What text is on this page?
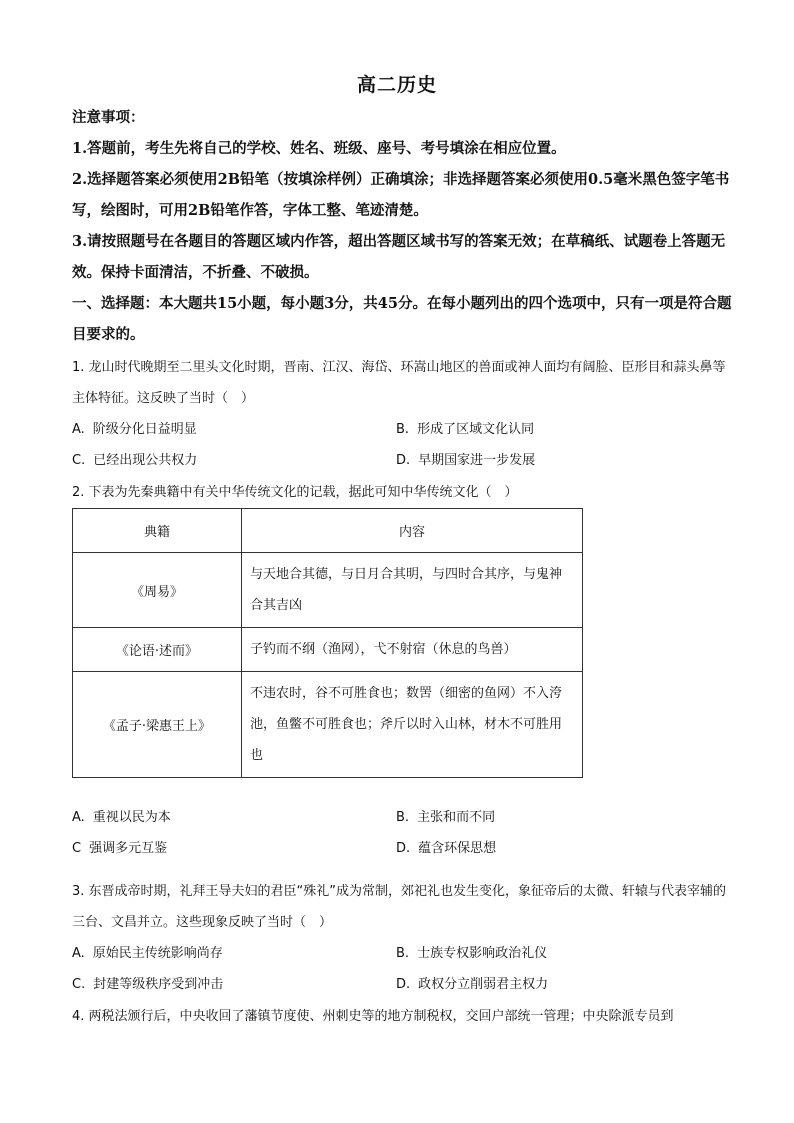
高二历史
注意事项：
1.答题前，考生先将自己的学校、姓名、班级、座号、考号填涂在相应位置。
2.选择题答案必须使用2B铅笔（按填涂样例）正确填涂；非选择题答案必须使用0.5毫米黑色签字笔书写，绘图时，可用2B铅笔作答，字体工整、笔迹清楚。
3.请按照题号在各题目的答题区域内作答，超出答题区域书写的答案无效；在草稿纸、试题卷上答题无效。保持卡面清洁，不折叠、不破损。
一、选择题：本大题共15小题，每小题3分，共45分。在每小题列出的四个选项中，只有一项是符合题目要求的。
1. 龙山时代晚期至二里头文化时期，晋南、江汉、海岱、环嵩山地区的兽面或神人面均有阔脸、臣形目和蒜头鼻等主体特征。这反映了当时（　）
A. 阶级分化日益明显	B. 形成了区域文化认同
C. 已经出现公共权力	D. 早期国家进一步发展
2. 下表为先秦典籍中有关中华传统文化的记载，据此可知中华传统文化（　）
典籍	内容
《周易》	与天地合其德，与日月合其明，与四时合其序，与鬼神合其吉凶
《论语·述而》	子钓而不纲（渔网），弋不射宿（休息的鸟兽）
《孟子·梁惠王上》	不违农时，谷不可胜食也；数罟（细密的鱼网）不入洿池，鱼鳖不可胜食也；斧斤以时入山林，材木不可胜用也
A. 重视以民为本	B. 主张和而不同
C 强调多元互鉴	D. 蕴含环保思想
3. 东晋成帝时期，礼拜王导夫妇的君臣“殊礼”成为常制，郊祀礼也发生变化，象征帝后的太微、轩辕与代表宰辅的三台、文昌并立。这些现象反映了当时（　）
A. 原始民主传统影响尚存	B. 士族专权影响政治礼仪
C. 封建等级秩序受到冲击	D. 政权分立削弱君主权力
4. 两税法颁行后，中央收回了藩镇节度使、州刺史等的地方制税权，交回户部统一管理；中央除派专员到
